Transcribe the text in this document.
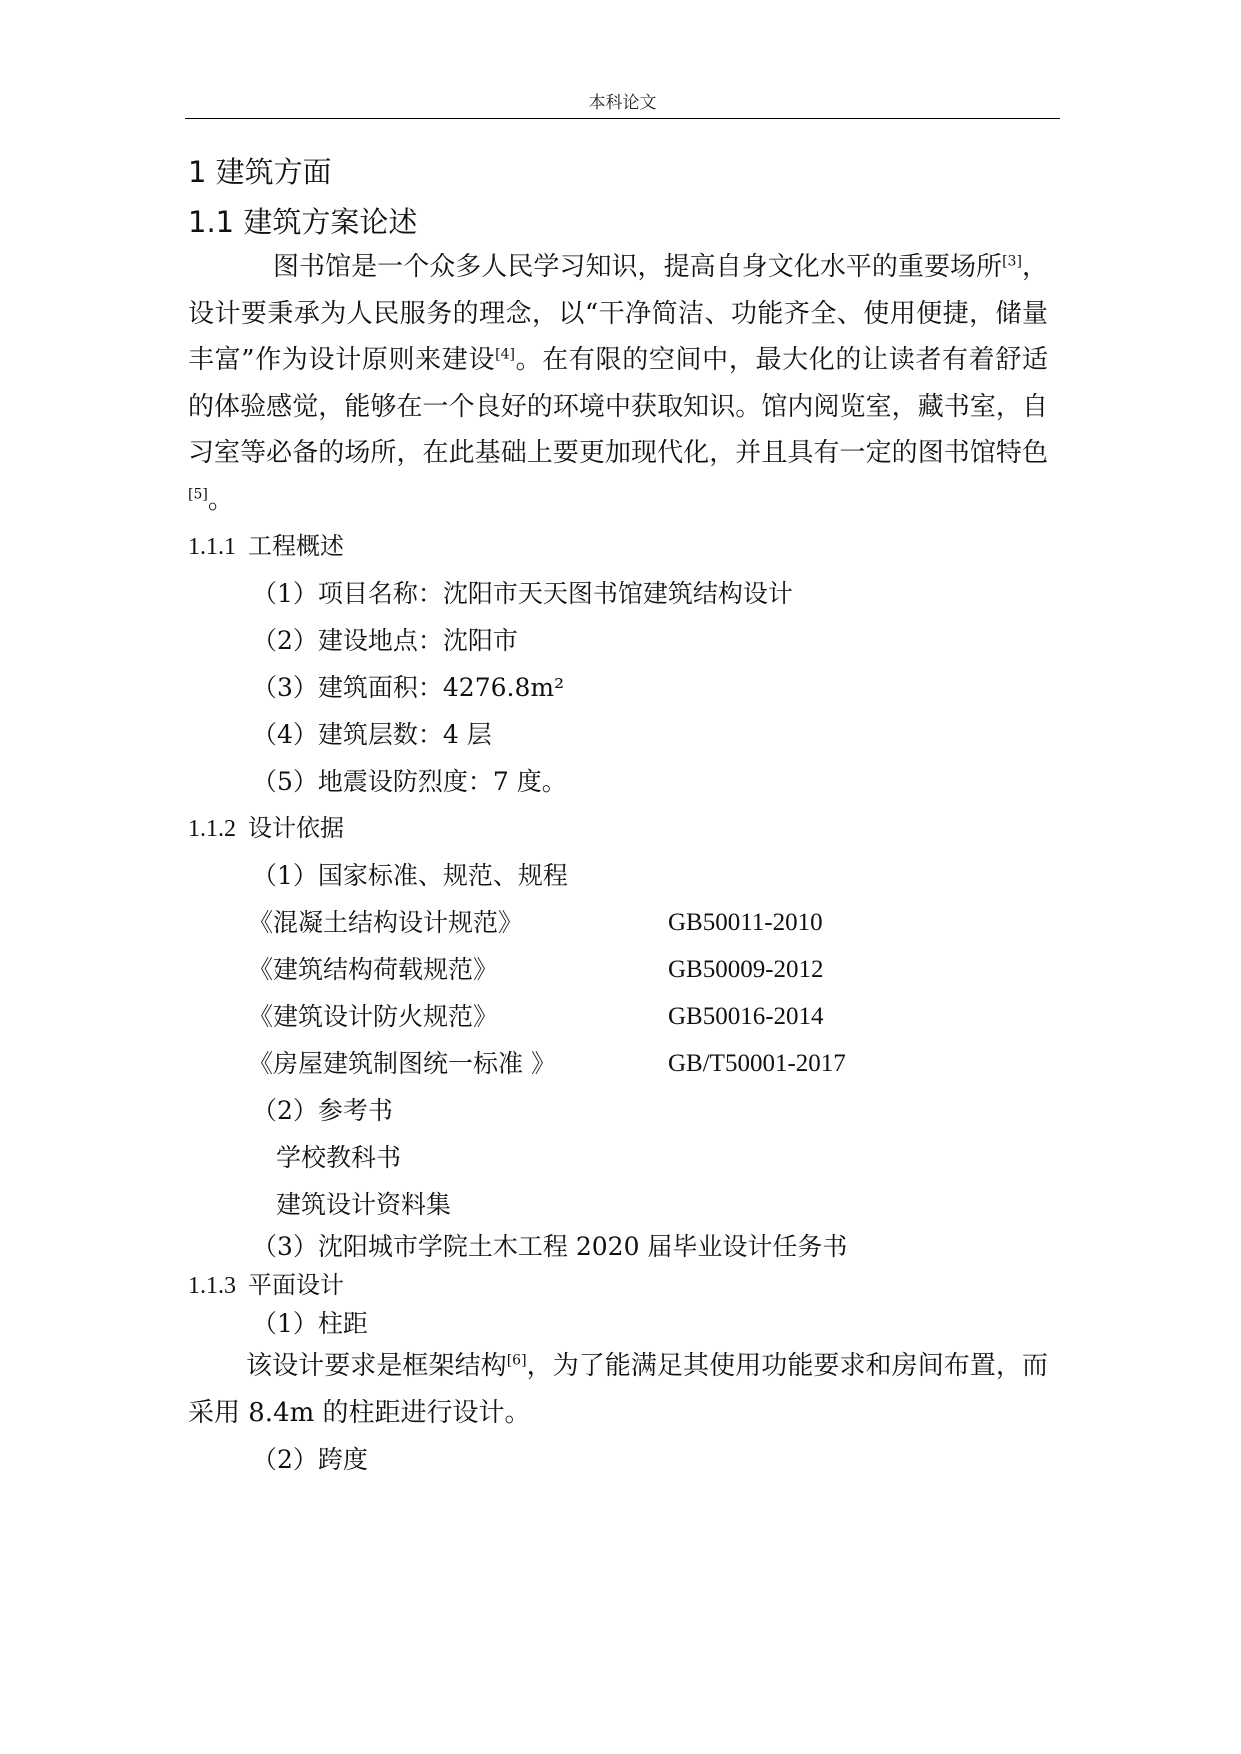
本科论文
1 建筑方面
1.1 建筑方案论述

图书馆是一个众多人民学习知识，提高自身文化水平的重要场所[3]，设计要秉承为人民服务的理念，以“干净简洁、功能齐全、使用便捷，储量丰富”作为设计原则来建设[4]。在有限的空间中，最大化的让读者有着舒适的体验感觉，能够在一个良好的环境中获取知识。馆内阅览室，藏书室，自习室等必备的场所，在此基础上要更加现代化，并且具有一定的图书馆特色[5]。

1.1.1 工程概述

（1）项目名称：沈阳市天天图书馆建筑结构设计

（2）建设地点：沈阳市

（3）建筑面积：4276.8m²

（4）建筑层数：4 层

（5）地震设防烈度：7 度。

1.1.2 设计依据

（1）国家标准、规范、规程

《混凝土结构设计规范》	GB50011-2010
《建筑结构荷载规范》	GB50009-2012
《建筑设计防火规范》	GB50016-2014
《房屋建筑制图统一标准 》	GB/T50001-2017

（2）参考书

学校教科书

建筑设计资料集

（3）沈阳城市学院土木工程 2020 届毕业设计任务书

1.1.3 平面设计

（1）柱距

该设计要求是框架结构[6]，为了能满足其使用功能要求和房间布置，而采用 8.4m 的柱距进行设计。

（2）跨度
